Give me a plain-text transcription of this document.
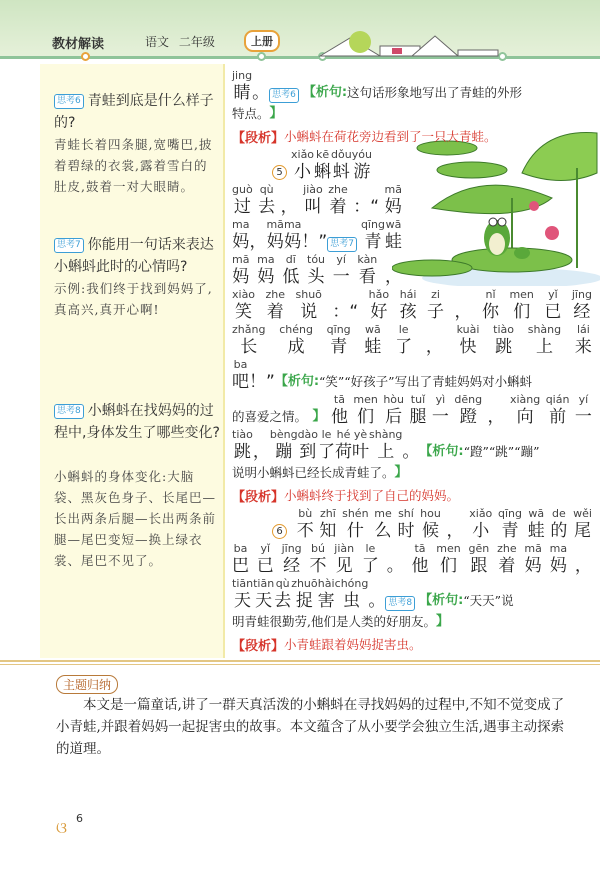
教材解读	语文 二年级	上册
思考6 青蛙到底是什么样子的?
青蛙长着四条腿,宽嘴巴,披着碧绿的衣裳,露着雪白的肚皮,鼓着一对大眼睛。
思考7 你能用一句话来表达小蝌蚪此时的心情吗?
示例:我们终于找到妈妈了,真高兴,真开心啊!
思考8 小蝌蚪在找妈妈的过程中,身体发生了哪些变化?
小蝌蚪的身体变化:大脑袋、黑灰色身子、长尾巴—长出两条后腿—长出两条前腿—尾巴变短—换上绿衣裳、尾巴不见了。
jing
睛 。 思考6 【析句: 这句话形象地写出了青蛙的外形
特点。 】
【段析】 小蝌蚪在荷花旁边看到了一只大青蛙。
5
xiǎo
小
kē
蝌
dǒu
蚪
yóu
游
guò
过
qù
去 ，
jiào
叫
zhe
着 ：“
mā
妈
ma
妈 ，
mā
妈
ma
妈 ！” 思考7
qīng
青
wā
蛙
mā
妈
ma
妈
dī
低
tóu
头
yí
一
kàn
看 ，
xiào
笑
zhe
着
shuō
说 ：“
hǎo
好
hái
孩
zi
子 ，
nǐ
你
men
们
yǐ
已
jīng
经
zhǎng
长
chéng
成
qīng
青
wā
蛙
le
了 ，
kuài
快
tiào
跳
shàng
上
lái
来
ba
吧 ！” 【析句: “笑”“好孩子”写出了青蛙妈妈对小蝌蚪
的喜爱之情。 】
tā
他
men
们
hòu
后
tuǐ
腿
yì
一
dēng
蹬 ，
xiàng
向
qián
前
yí
一
tiào
跳 ，
bèng
蹦
dào
到
le
了
hé
荷
yè
叶
shàng
上 。 【析句: “蹬”“跳”“蹦”
说明小蝌蚪已经长成青蛙了。 】
【段析】 小蝌蚪终于找到了自己的妈妈。
6
bù
不
zhī
知
shén
什
me
么
shí
时
hou
候 ，
xiǎo
小
qīng
青
wā
蛙
de
的
wěi
尾
ba
巴
yǐ
已
jīng
经
bú
不
jiàn
见
le
了 。
tā
他
men
们
gēn
跟
zhe
着
mā
妈
ma
妈 ，
tiān
天
tiān
天
qù
去
zhuō
捉
hài
害
chóng
虫 。 思考8 【析句: “天天”说
明青蛙很勤劳,他们是人类的好朋友。 】
【段析】 小青蛙跟着妈妈捉害虫。
主题归纳
本文是一篇童话,讲了一群天真活泼的小蝌蚪在寻找妈妈的过程中,不知不觉变成了小青蛙,并跟着妈妈一起捉害虫的故事。本文蕴含了从小要学会独立生活,遇事主动探索的道理。
ଓ 6
